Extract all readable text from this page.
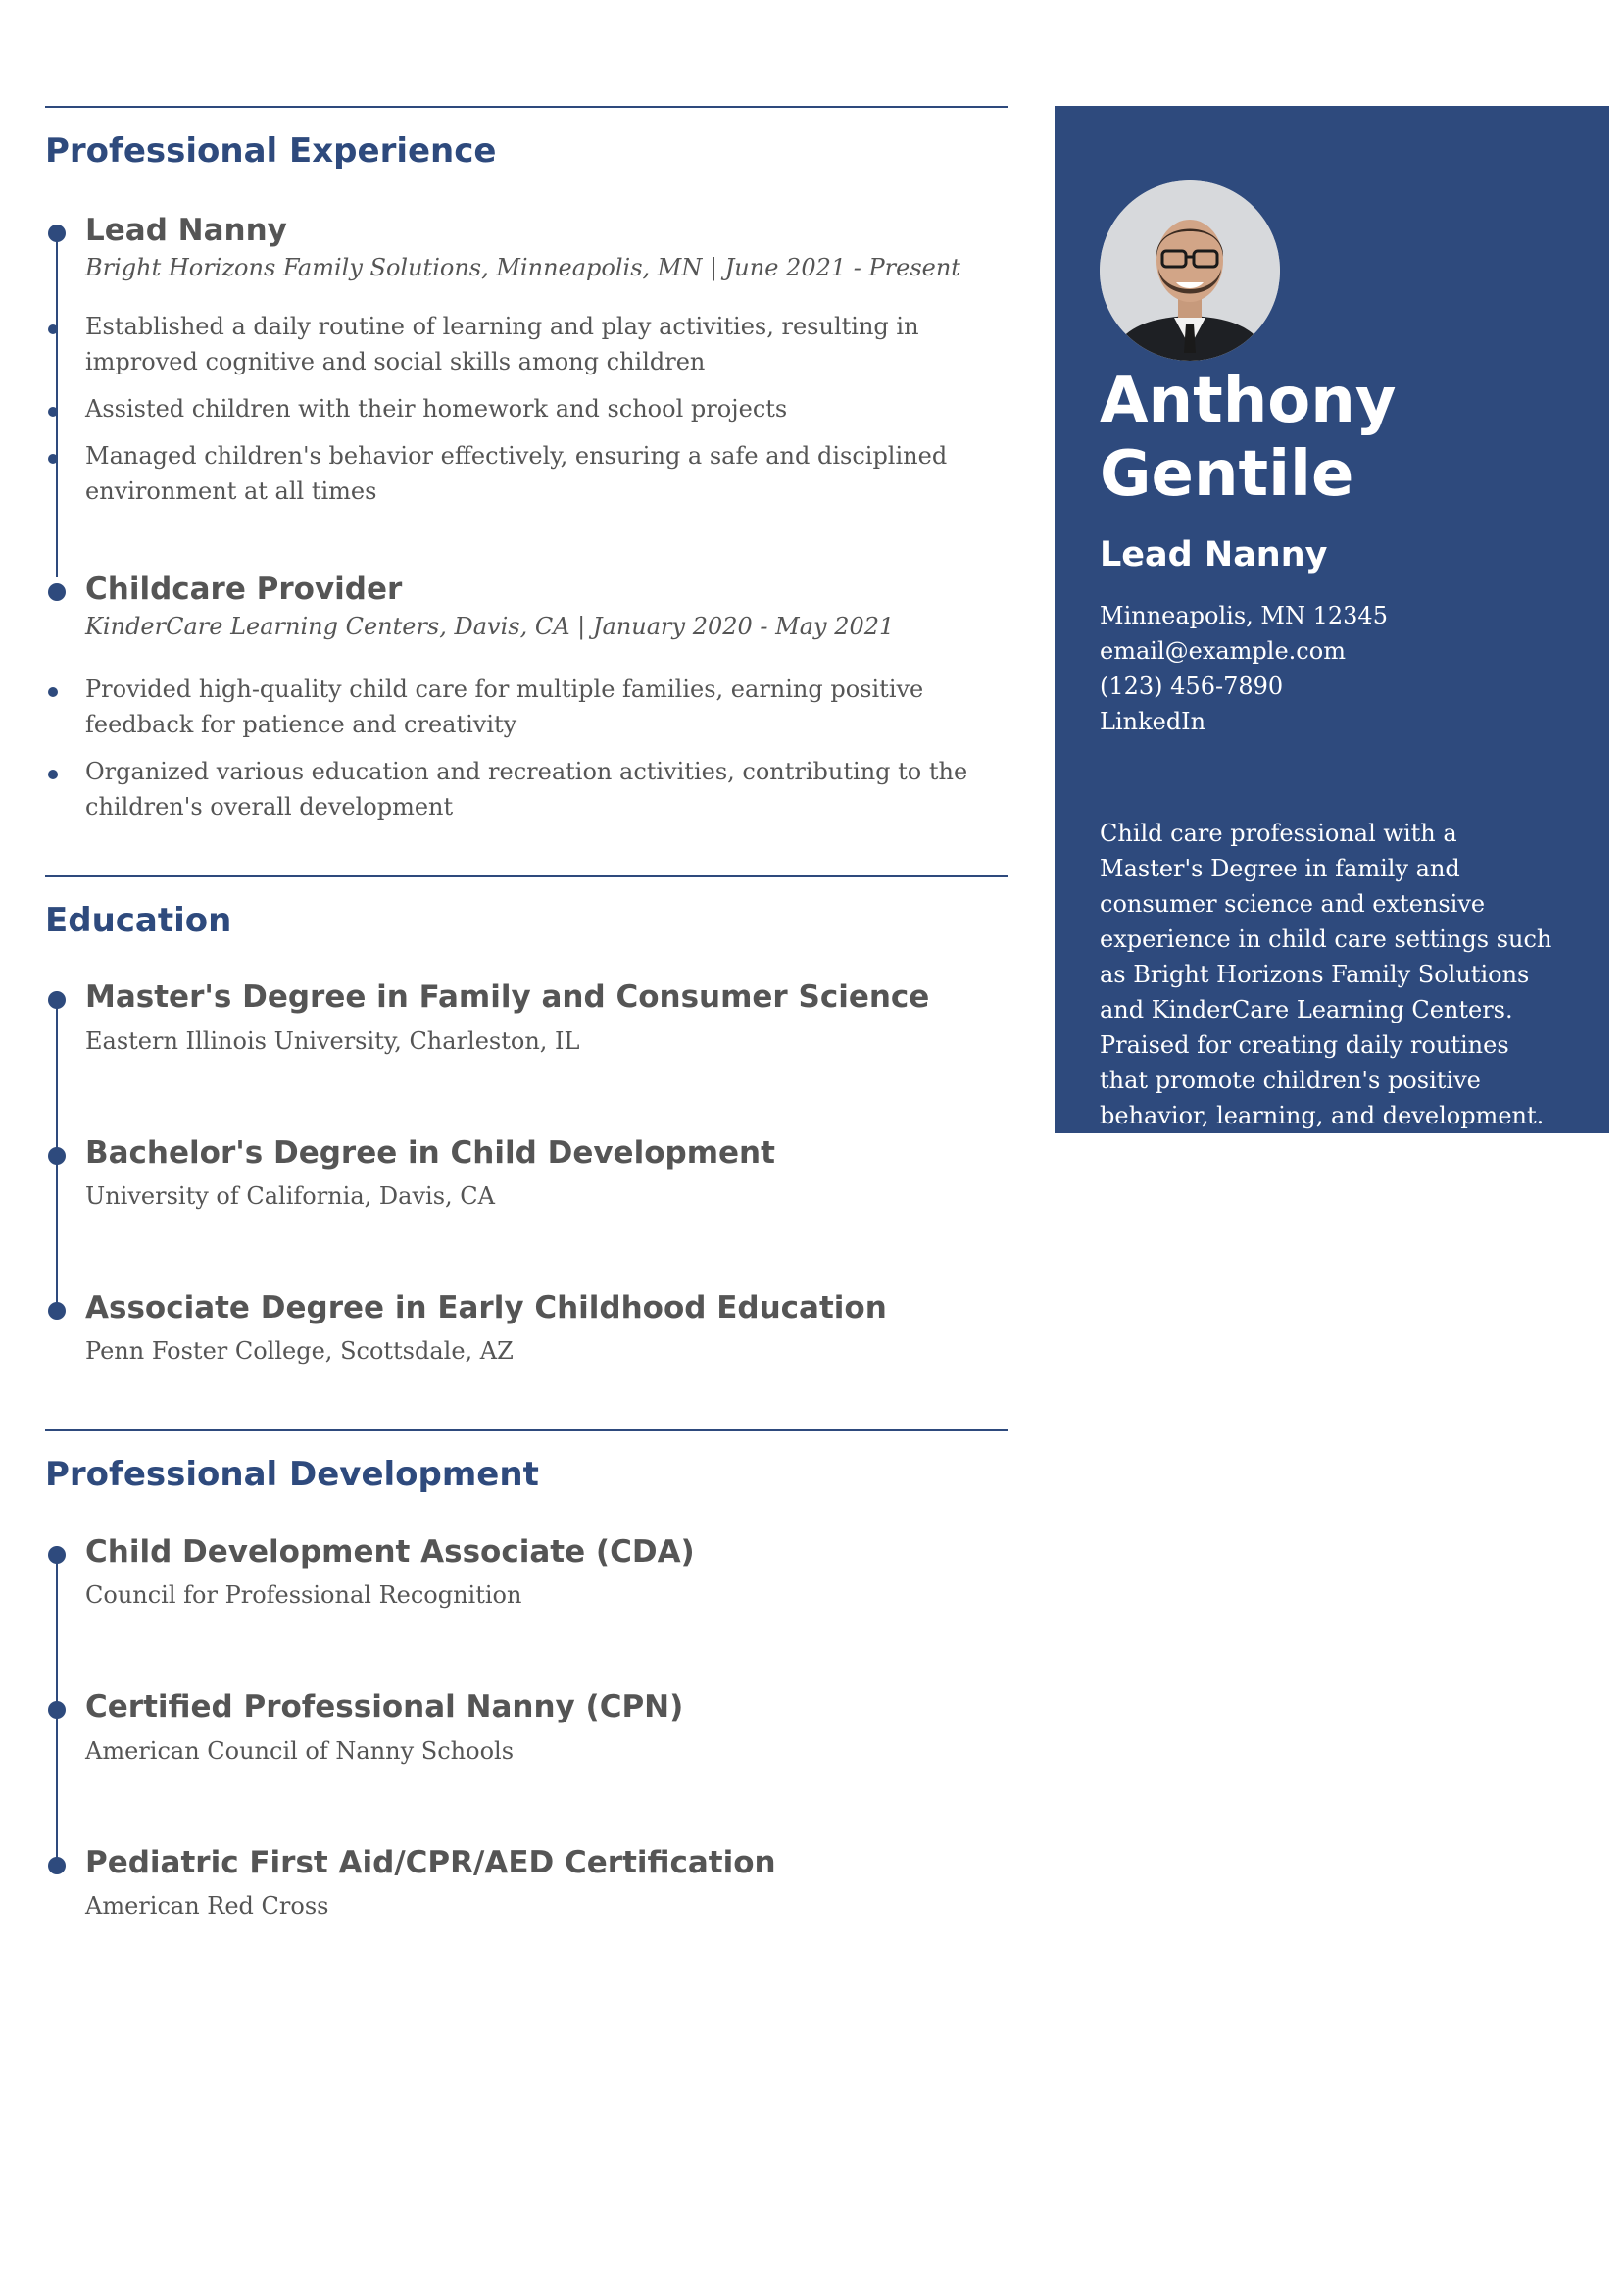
Professional Experience
Lead Nanny

Bright Horizons Family Solutions, Minneapolis, MN | June 2021 - Present

Established a daily routine of learning and play activities, resulting in improved cognitive and social skills among children
Assisted children with their homework and school projects
Managed children's behavior effectively, ensuring a safe and disciplined environment at all times
Childcare Provider

KinderCare Learning Centers, Davis, CA | January 2020 - May 2021

Provided high-quality child care for multiple families, earning positive feedback for patience and creativity
Organized various education and recreation activities, contributing to the children's overall development
Education
Master's Degree in Family and Consumer Science

Eastern Illinois University, Charleston, IL

Bachelor's Degree in Child Development

University of California, Davis, CA

Associate Degree in Early Childhood Education

Penn Foster College, Scottsdale, AZ

Professional Development
Child Development Associate (CDA)

Council for Professional Recognition

Certified Professional Nanny (CPN)

American Council of Nanny Schools

Pediatric First Aid/CPR/AED Certification

American Red Cross

Anthony
Gentile
Lead Nanny
Minneapolis, MN 12345
email@example.com
(123) 456-7890
LinkedIn
Child care professional with a Master's Degree in family and consumer science and extensive experience in child care settings such as Bright Horizons Family Solutions and KinderCare Learning Centers. Praised for creating daily routines that promote children's positive behavior, learning, and development.
